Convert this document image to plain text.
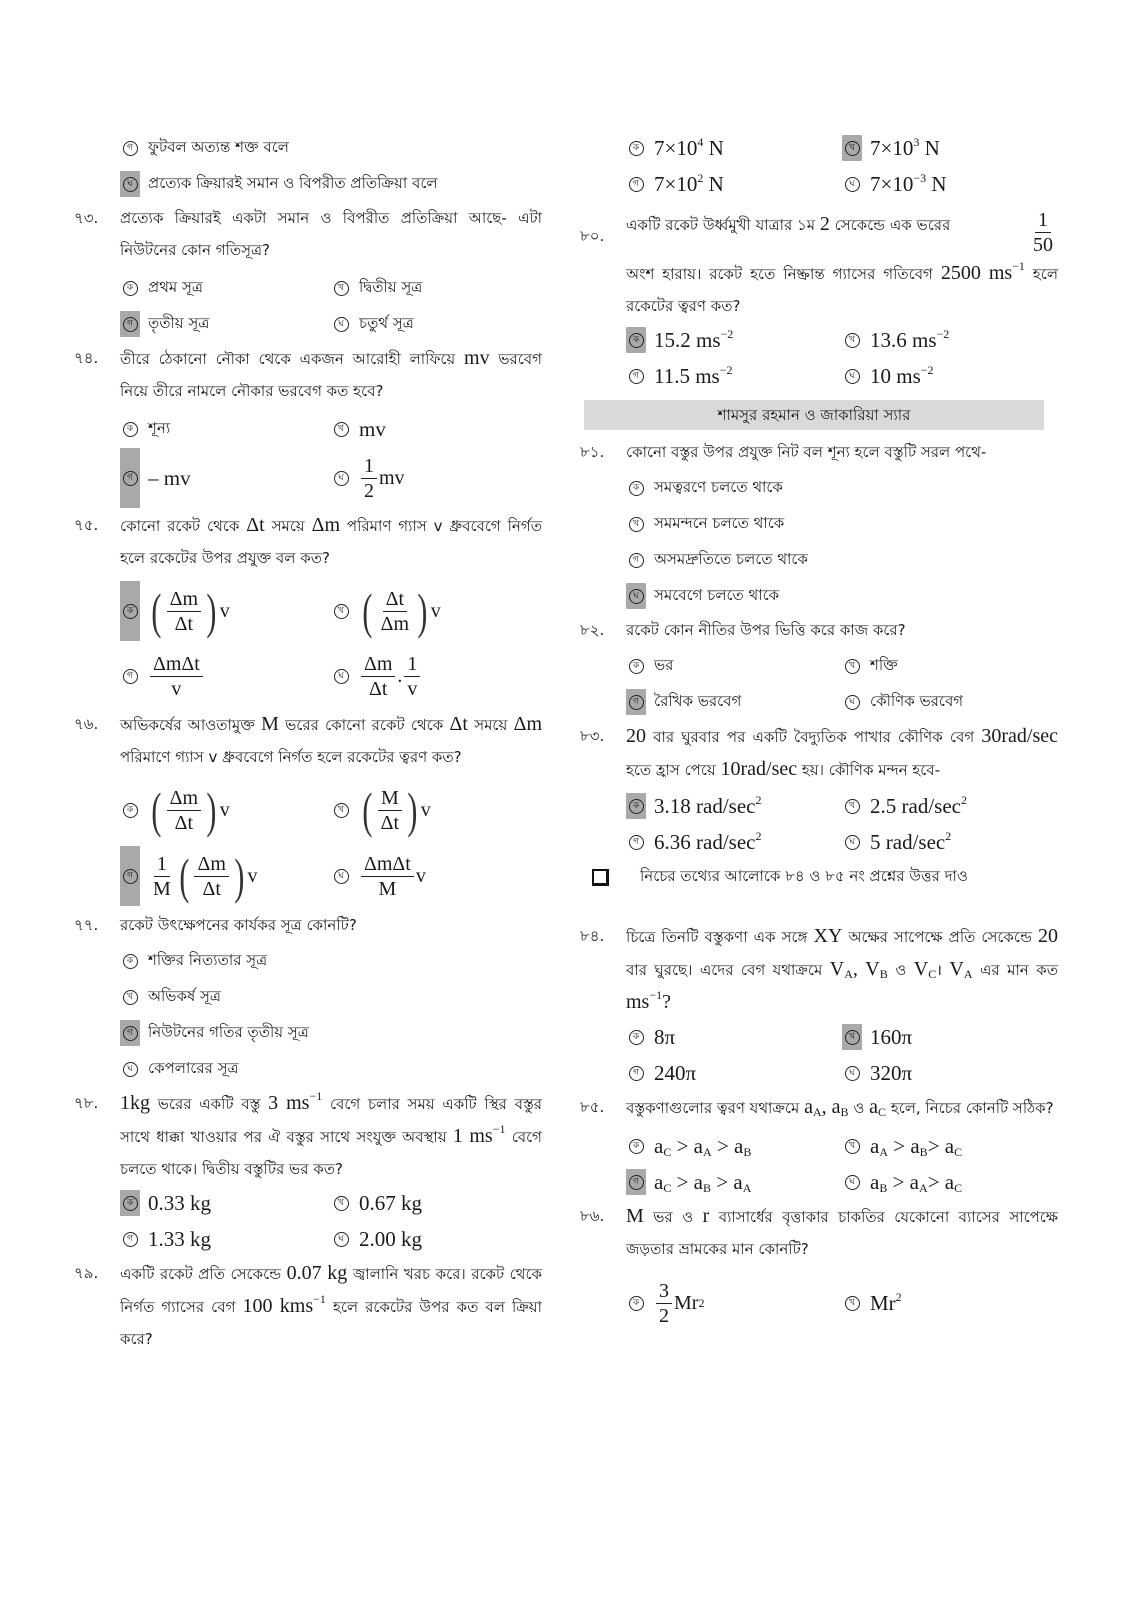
গ	ফুটবল অত্যন্ত শক্ত বলে
ঘ	প্রত্যেক ক্রিয়ারই সমান ও বিপরীত প্রতিক্রিয়া বলে
৭৩. প্রত্যেক ক্রিয়ারই একটা সমান ও বিপরীত প্রতিক্রিয়া আছে- এটা নিউটনের কোন গতিসূত্র?
ক প্রথম সূত্র	খ	দ্বিতীয় সূত্র
গ	তৃতীয় সূত্র	ঘ	চতুর্থ সূত্র
৭৪. তীরে ঠেকানো নৌকা থেকে একজন আরোহী লাফিয়ে mv ভরবেগ নিয়ে তীরে নামলে নৌকার ভরবেগ কত হবে?
ক শূন্য	খ mv
গ – mv	ঘ $\frac{1}{2}$ mv
৭৫. কোনো রকেট থেকে Δt সময়ে Δm পরিমাণ গ্যাস v ধ্রুববেগে নির্গত হলে রকেটের উপর প্রযুক্ত বল কত?
ক ( $\frac{\Delta m}{\Delta t}$ ) v	খ ( $\frac{\Delta t}{\Delta m}$ ) v
গ $\frac{\text{ΔmΔt}}{v}$	ঘ $\frac{\Delta m}{\Delta t}$ . $\frac{1}{v}$
৭৬. অভিকর্ষের আওতামুক্ত M ভরের কোনো রকেট থেকে Δt সময়ে Δm পরিমাণে গ্যাস v ধ্রুববেগে নির্গত হলে রকেটের ত্বরণ কত?
ক ( $\frac{\Delta m}{\Delta t}$ ) v	খ ( $\frac{M}{\Delta t}$ ) v
গ $\frac{1}{M}$ ( $\frac{\Delta m}{\Delta t}$ ) v	ঘ $\frac{\text{ΔmΔt}}{M}$ v
৭৭. রকেট উৎক্ষেপনের কার্যকর সূত্র কোনটি?
ক শক্তির নিত্যতার সূত্র
খ	অভিকর্ষ সূত্র
গ	নিউটনের গতির তৃতীয় সূত্র
ঘ	কেপলারের সূত্র
৭৮. 1kg ভরের একটি বস্তু 3 $ms^{-1}$ বেগে চলার সময় একটি স্থির বস্তুর সাথে ধাক্কা খাওয়ার পর ঐ বস্তুর সাথে সংযুক্ত অবস্থায় 1 $ms^{-1}$ বেগে চলতে থাকে। দ্বিতীয় বস্তুটির ভর কত?
ক 0.33 kg	খ 0.67 kg
গ 1.33 kg	ঘ 2.00 kg
৭৯. একটি রকেট প্রতি সেকেন্ডে 0.07 kg জ্বালানি খরচ করে। রকেট থেকে নির্গত গ্যাসের বেগ 100 kms$^{-1}$ হলে রকেটের উপর কত বল ক্রিয়া করে?
ক $7\times 10^4$ N	খ $7\times 10^3$ N
গ $7\times 10^2$ N	ঘ $7\times 10^{-3}$ N
৮০.
একটি রকেট উর্ধ্বমুখী যাত্রার ১ম 2 সেকেন্ডে এক ভরের	$\frac{1}{50}$
অংশ হারায়। রকেট হতে নিষ্ক্রান্ত গ্যাসের গতিবেগ 2500 $ms^{-1}$ হলে রকেটের ত্বরণ কত?
ক 15.2 $ms^{-2}$	খ 13.6 $ms^{-2}$
গ 11.5 $ms^{-2}$	ঘ 10 $ms^{-2}$
শামসুর রহমান ও জাকারিয়া স্যার
৮১. কোনো বস্তুর উপর প্রযুক্ত নিট বল শূন্য হলে বস্তুটি সরল পথে-
ক সমত্বরণে চলতে থাকে
খ	সমমন্দনে চলতে থাকে
গ	অসমদ্রুতিতে চলতে থাকে
ঘ	সমবেগে চলতে থাকে
৮২. রকেট কোন নীতির উপর ভিত্তি করে কাজ করে?
ক ভর	খ	শক্তি
গ	রৈখিক ভরবেগ	ঘ	কৌণিক ভরবেগ
৮৩. 20 বার ঘুরবার পর একটি বৈদ্যুতিক পাখার কৌণিক বেগ 30rad/sec হতে হ্রাস পেয়ে 10rad/sec হয়। কৌণিক মন্দন হবে-
ক 3.18 rad/$\sec^2$	খ 2.5 rad/$\sec^2$
গ 6.36 rad/$\sec^2$	ঘ 5 rad/$\sec^2$
নিচের তথ্যের আলোকে ৮৪ ও ৮৫ নং প্রশ্নের উত্তর দাও
৮৪. চিত্রে তিনটি বস্তুকণা এক সঙ্গে XY অক্ষের সাপেক্ষে প্রতি সেকেন্ডে 20 বার ঘুরছে। এদের বেগ যথাক্রমে $V_A$, $V_B$ ও $V_C।$ $V_A$ এর মান কত $ms^{-1}$?
ক 8π	খ 160π
গ 240π	ঘ 320π
৮৫. বস্তুকণাগুলোর ত্বরণ যথাক্রমে $a_A$, $a_B$ ও $a_C$ হলে, নিচের কোনটি সঠিক?
ক $a_C > a_A > a_B$	খ $a_A > a_B> a_C$
গ $a_C > a_B > a_A$	ঘ $a_B > a_A> a_C$
৮৬. M ভর ও r ব্যাসার্ধের বৃত্তাকার চাকতির যেকোনো ব্যাসের সাপেক্ষে জড়তার ভ্রামকের মান কোনটি?
ক $\frac{3}{2}$ Mr 2	খ Mr$^2$
